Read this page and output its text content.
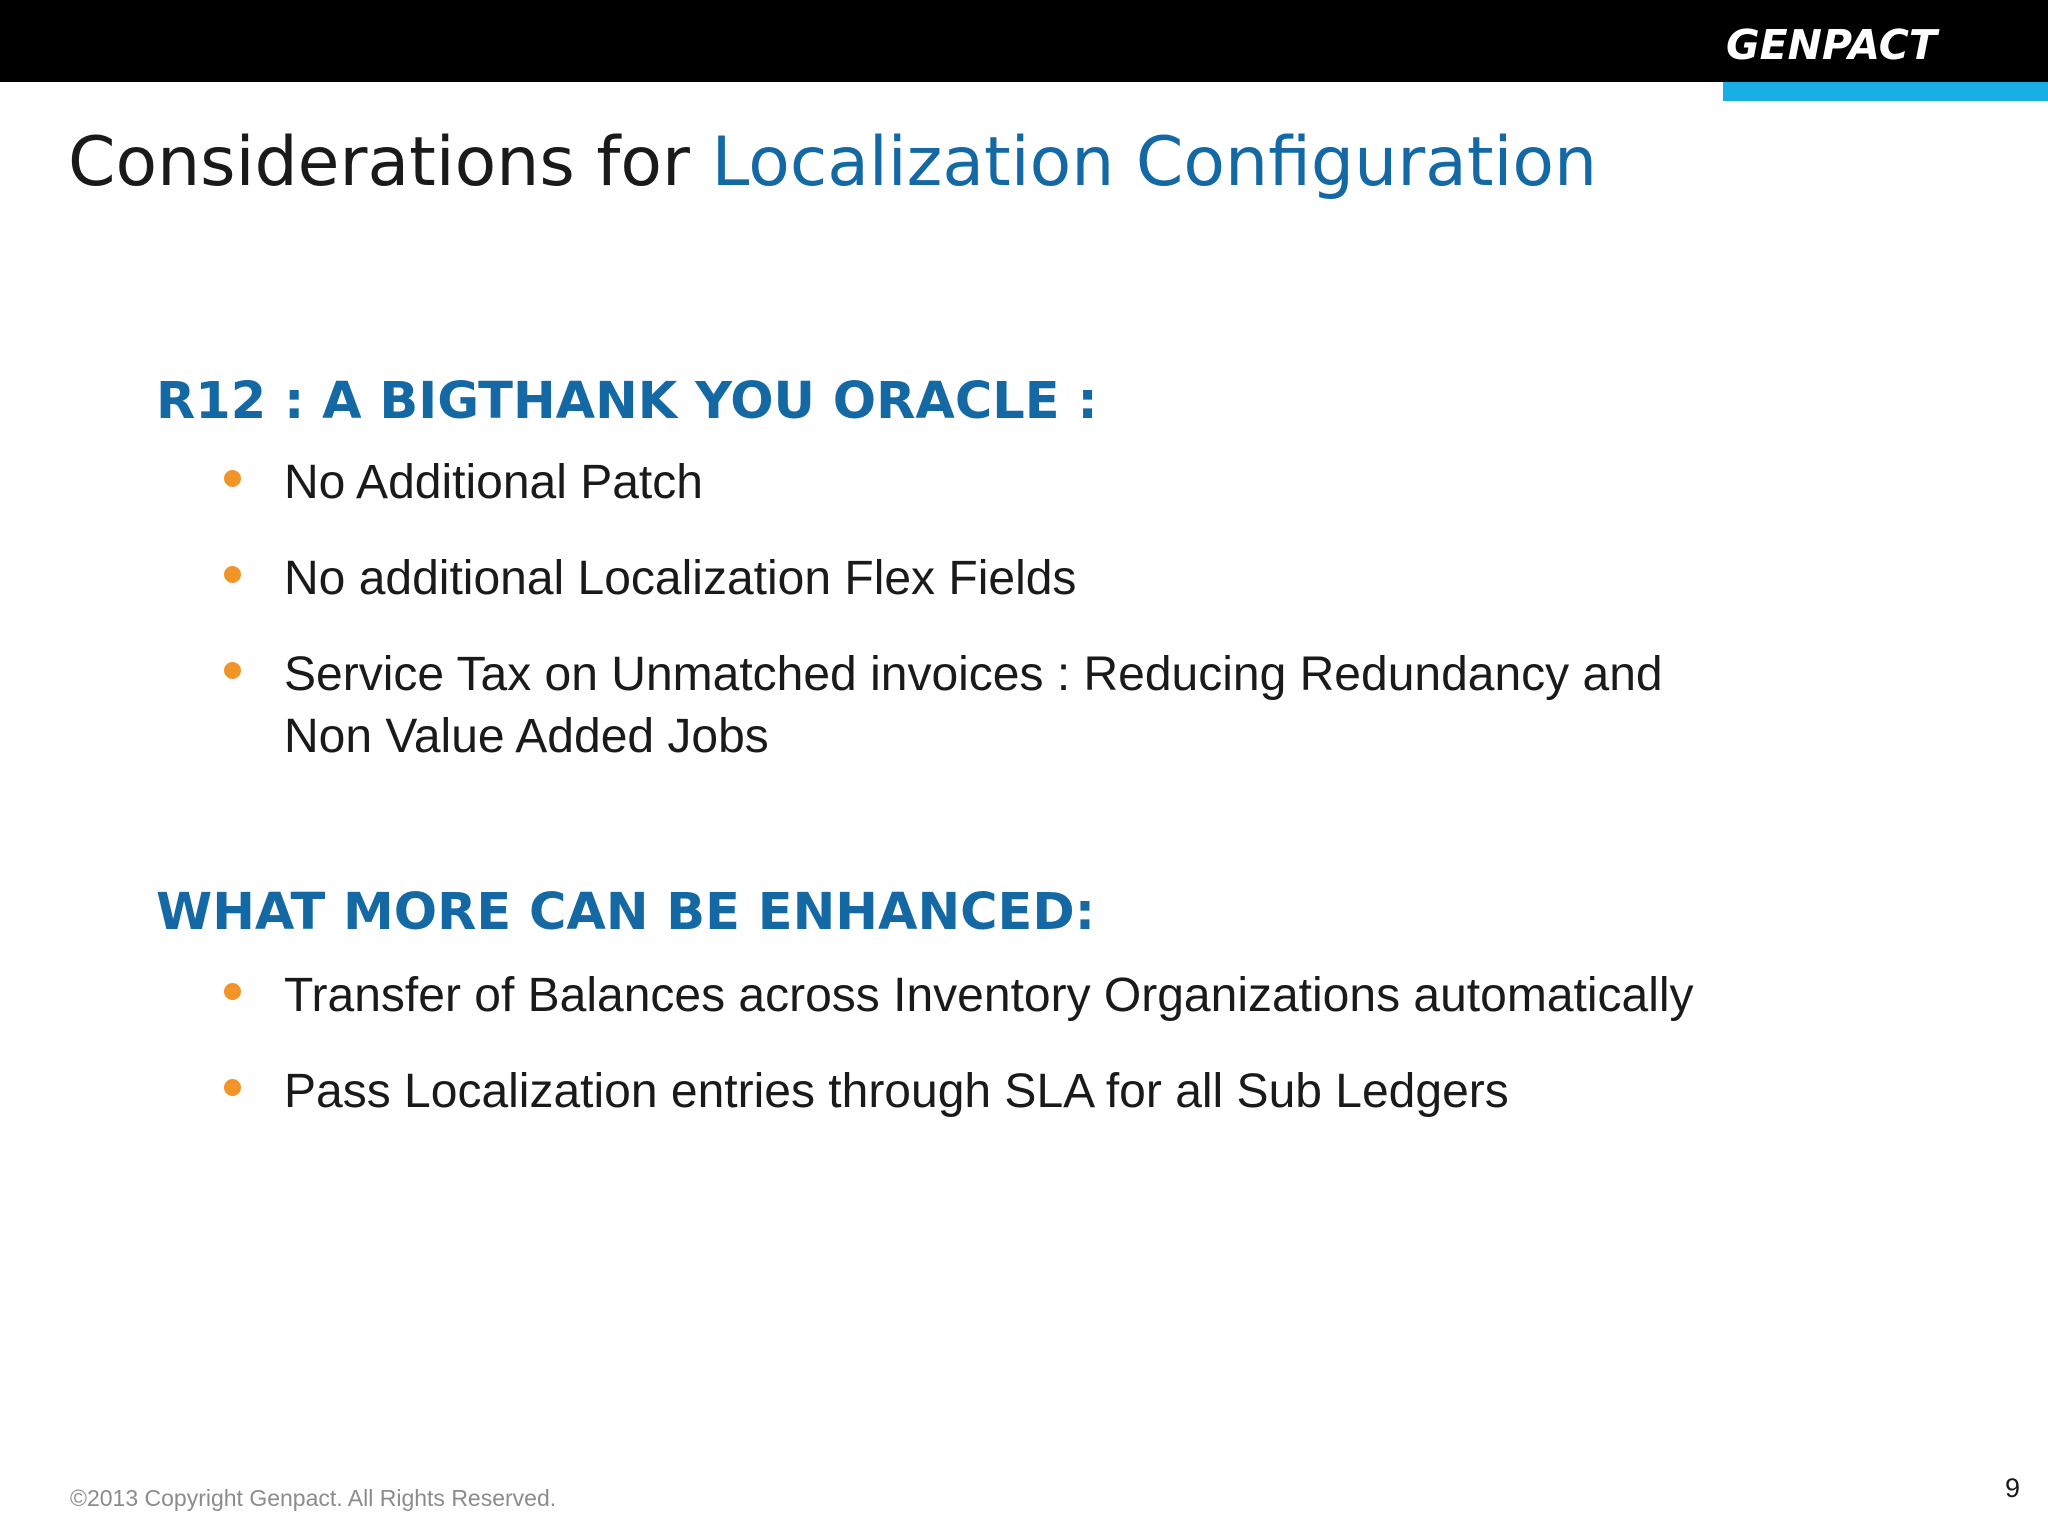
GENPACT
Considerations for Localization Configuration
R12 : A BIGTHANK YOU ORACLE :
No Additional Patch
No additional Localization Flex Fields
Service Tax on Unmatched invoices : Reducing Redundancy and Non Value Added Jobs
WHAT MORE CAN BE ENHANCED:
Transfer of Balances across Inventory Organizations automatically
Pass Localization entries through SLA for all Sub Ledgers
©2013 Copyright Genpact. All Rights Reserved.	9
